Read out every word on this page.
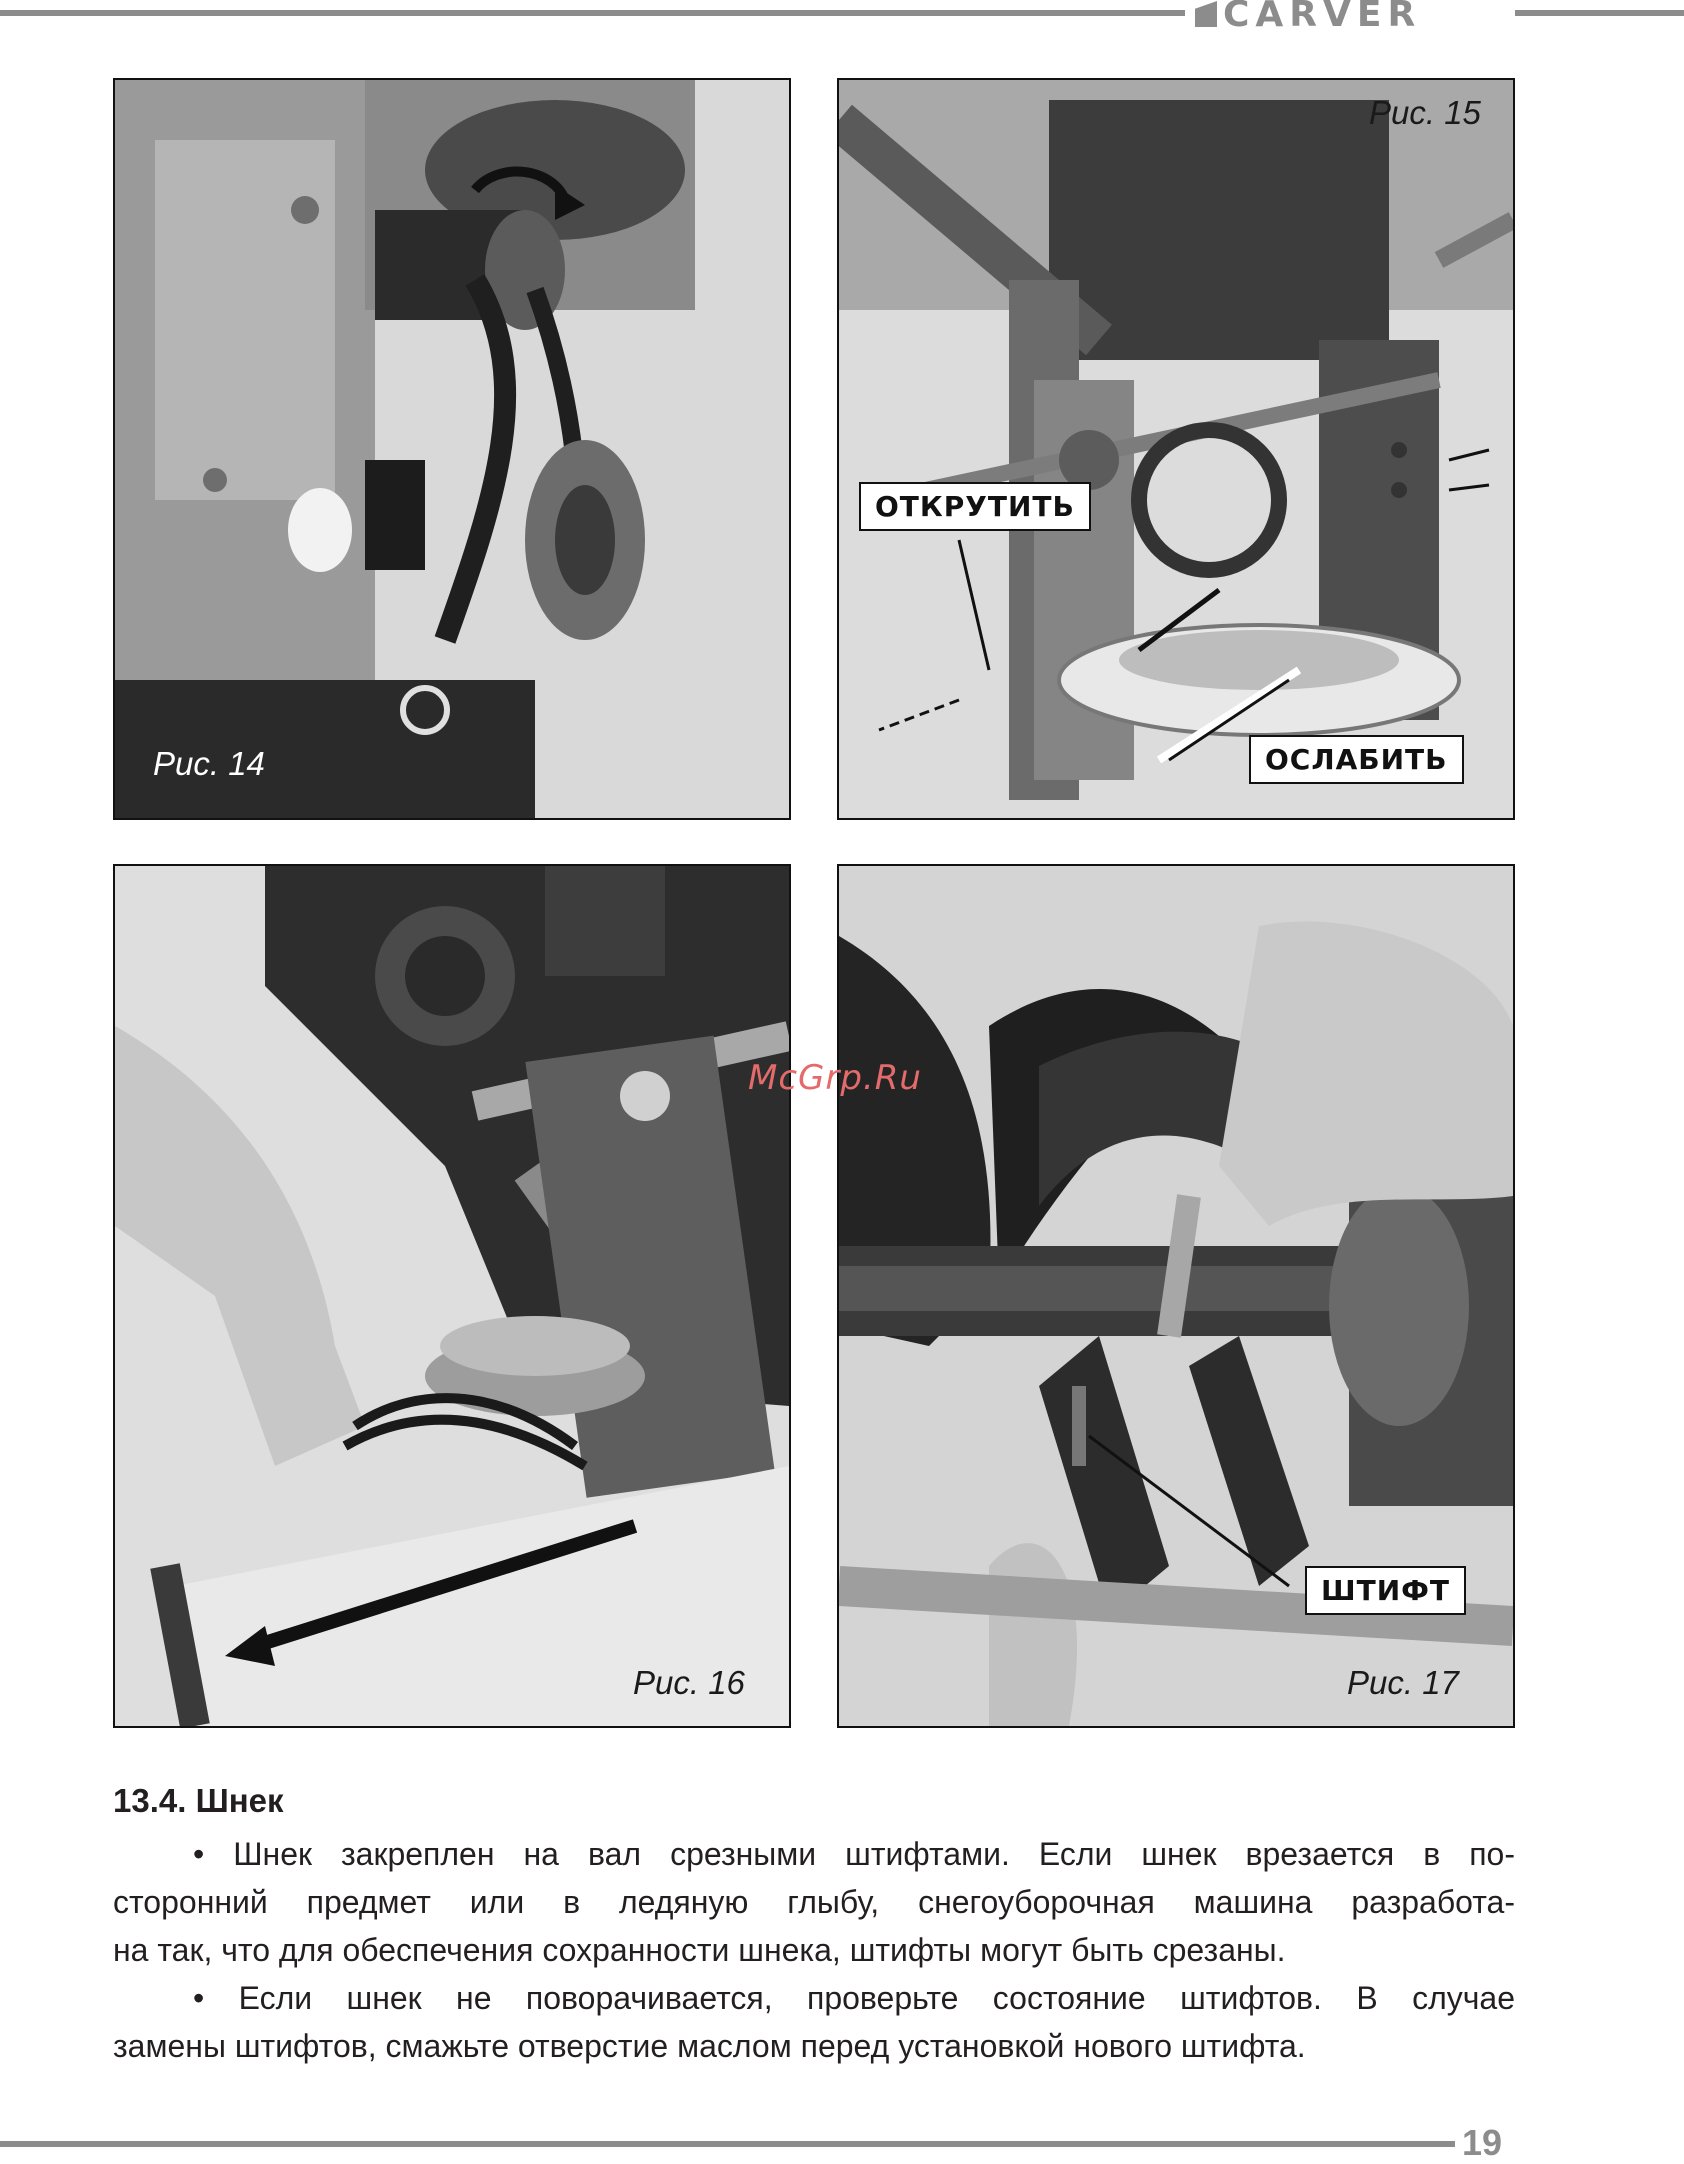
CARVER
Рис. 14
ОТКРУТИТЬ
ОСЛАБИТЬ
Рис. 15
Рис. 16
ШТИФТ
Рис. 17
McGrp.Ru
13.4. Шнек
• Шнек закреплен на вал срезными штифтами. Если шнек врезается в по-
сторонний предмет или в ледяную глыбу, снегоуборочная машина разработа-
на так, что для обеспечения сохранности шнека, штифты могут быть срезаны.
• Если шнек не поворачивается, проверьте состояние штифтов. В случае
замены штифтов, смажьте отверстие маслом перед установкой нового штифта.
19
